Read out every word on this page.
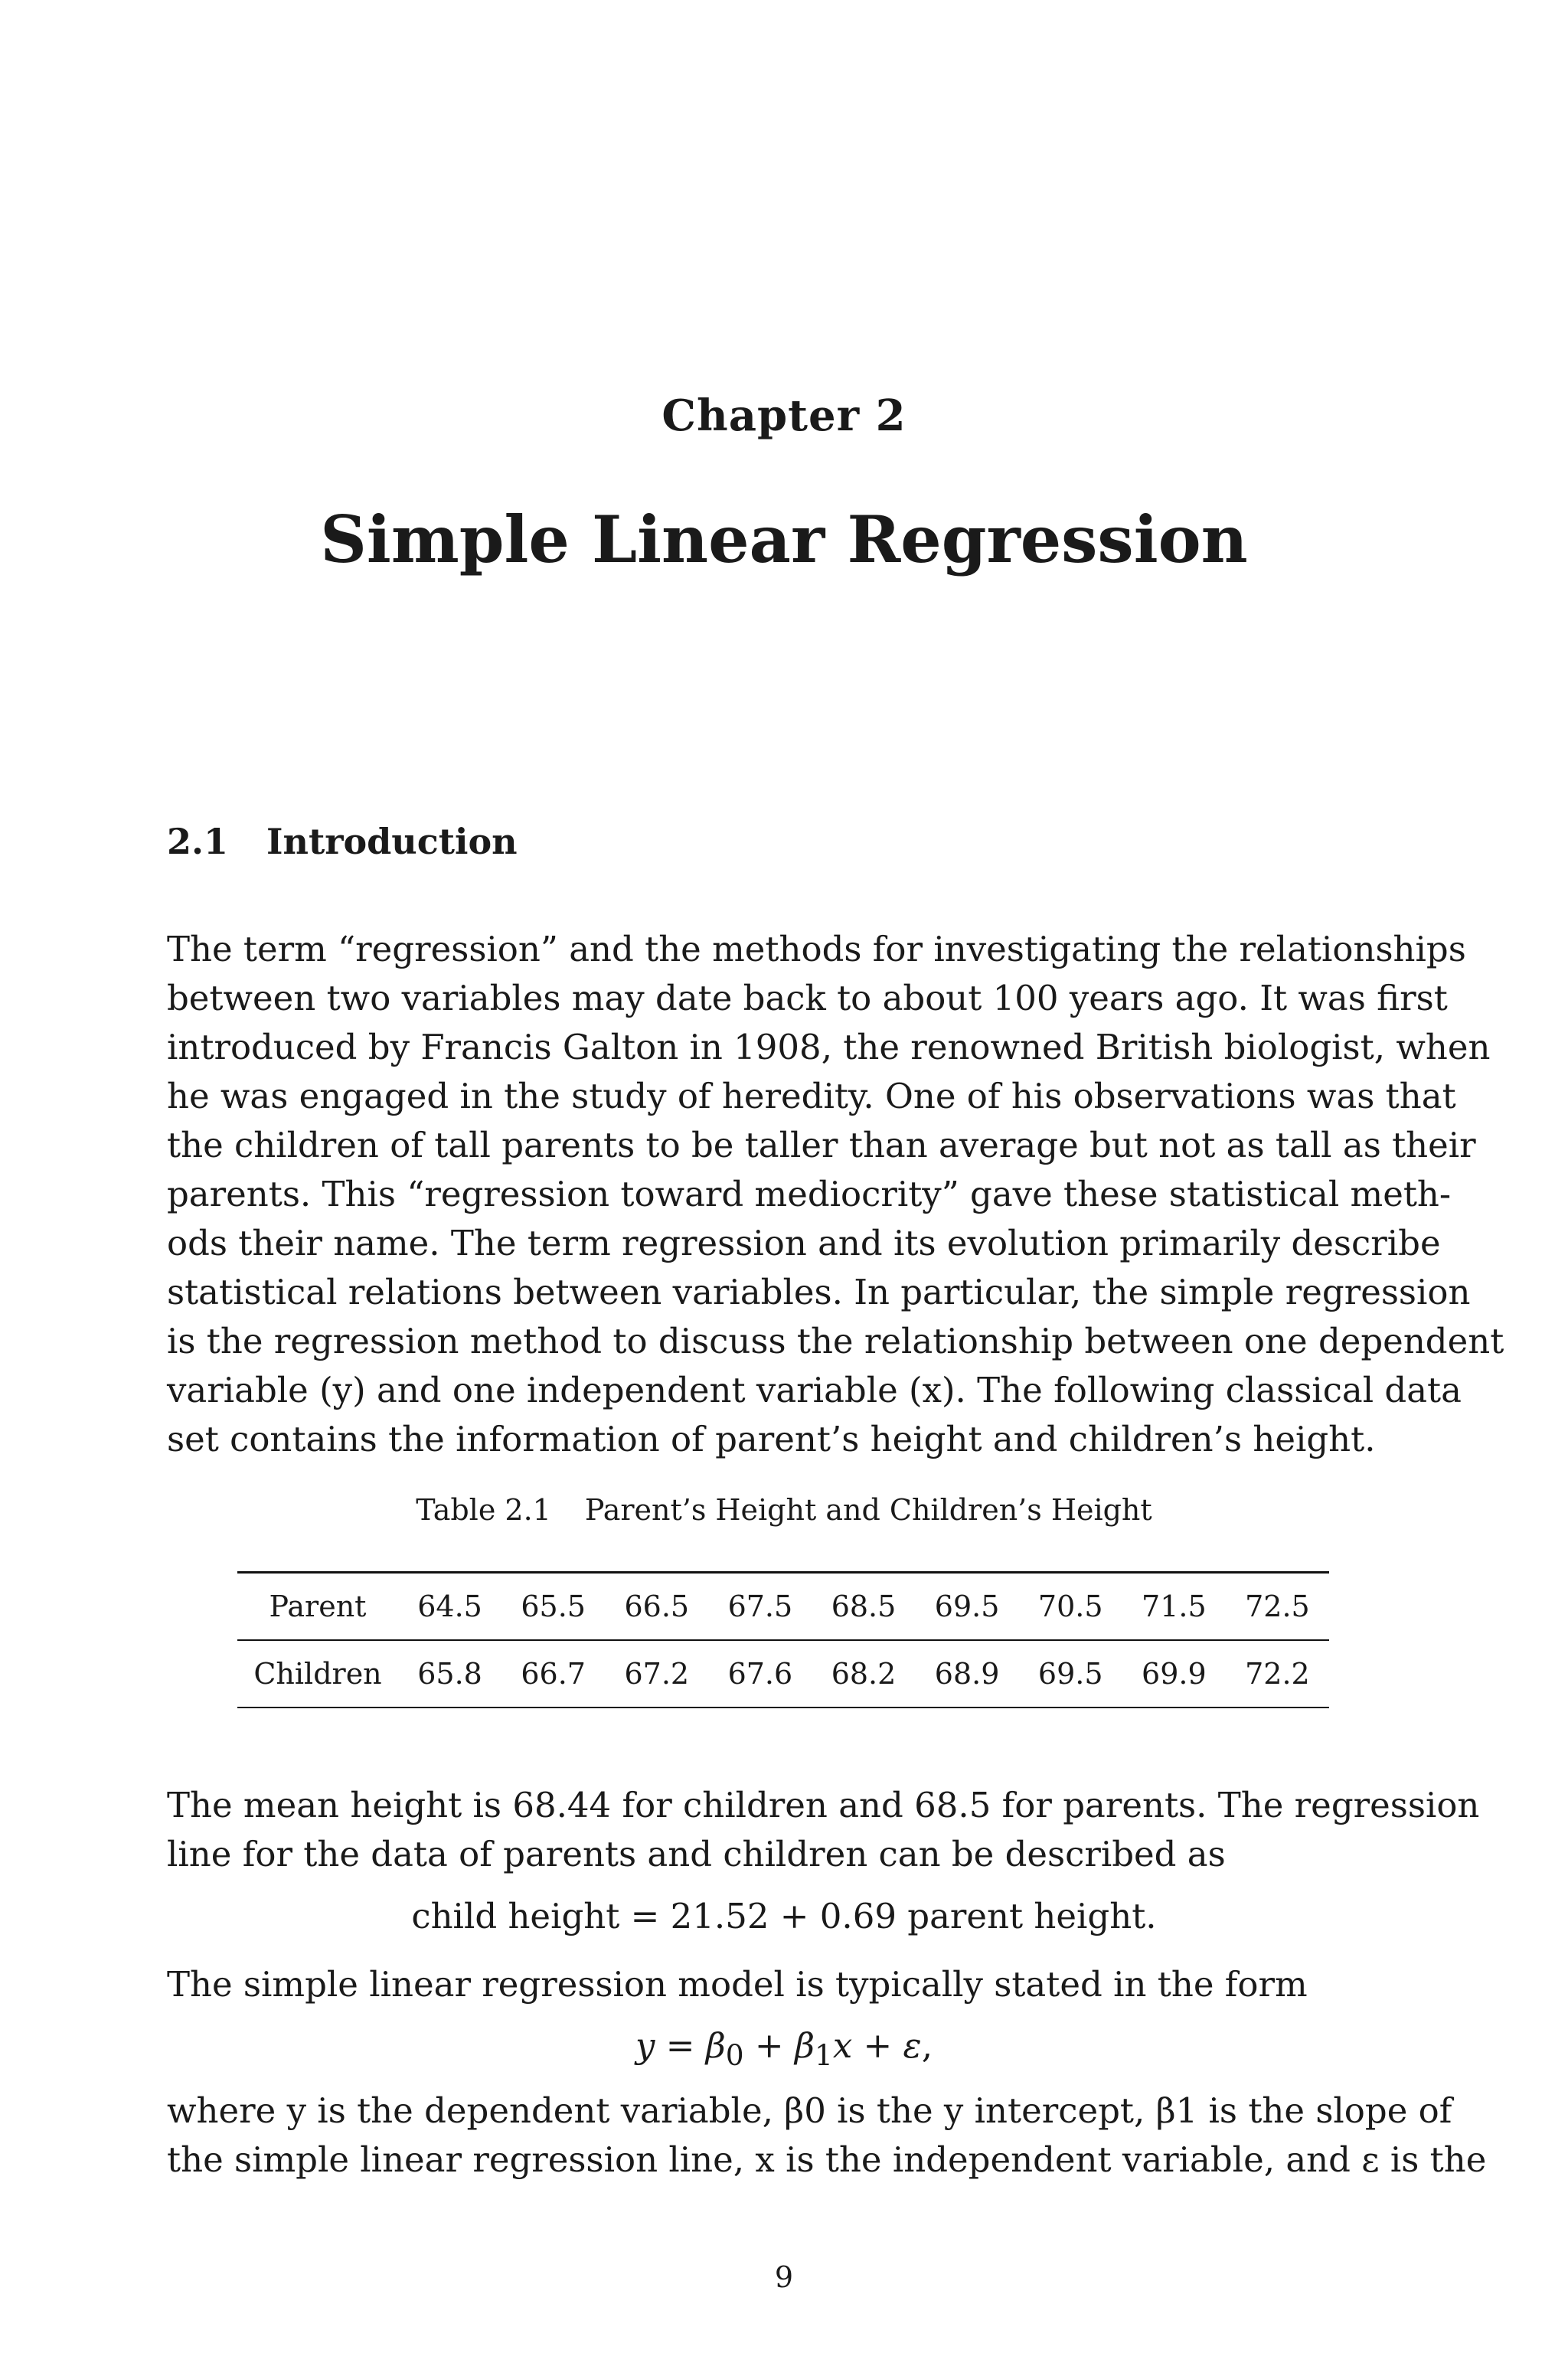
Chapter 2
Simple Linear Regression
2.1 Introduction
The term “regression” and the methods for investigating the relationships
between two variables may date back to about 100 years ago. It was first
introduced by Francis Galton in 1908, the renowned British biologist, when
he was engaged in the study of heredity. One of his observations was that
the children of tall parents to be taller than average but not as tall as their
parents. This “regression toward mediocrity” gave these statistical meth-
ods their name. The term regression and its evolution primarily describe
statistical relations between variables. In particular, the simple regression
is the regression method to discuss the relationship between one dependent
variable (y) and one independent variable (x). The following classical data
set contains the information of parent’s height and children’s height.
Table 2.1 Parent’s Height and Children’s Height
Parent	64.5	65.5	66.5	67.5	68.5	69.5	70.5	71.5	72.5
Children	65.8	66.7	67.2	67.6	68.2	68.9	69.5	69.9	72.2
The mean height is 68.44 for children and 68.5 for parents. The regression
line for the data of parents and children can be described as
child height = 21.52 + 0.69 parent height.
The simple linear regression model is typically stated in the form
$y = \beta_0 + \beta_1x + \varepsilon$,
where y is the dependent variable, β0 is the y intercept, β1 is the slope of
the simple linear regression line, x is the independent variable, and ε is the
9
